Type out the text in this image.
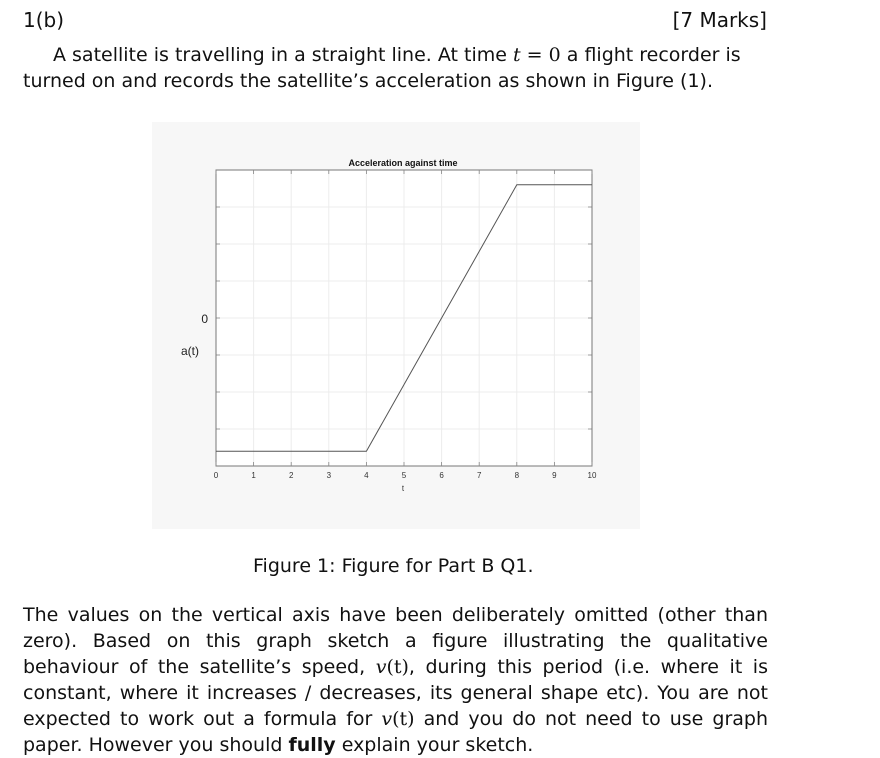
1(b)	[7 Marks]
A satellite is travelling in a straight line. At time t = 0 a flight recorder is turned on and records the satellite’s acceleration as shown in Figure (1).
0	1	2	3	4	5	6	7	8	9	10
0
Acceleration against time
t
a(t)
Figure 1: Figure for Part B Q1.
The values on the vertical axis have been deliberately omitted (other than zero). Based on this graph sketch a figure illustrating the qualitative behaviour of the satellite’s speed, v(t), during this period (i.e. where it is constant, where it increases / decreases, its general shape etc). You are not expected to work out a formula for v(t) and you do not need to use graph paper. However you should fully explain your sketch.
